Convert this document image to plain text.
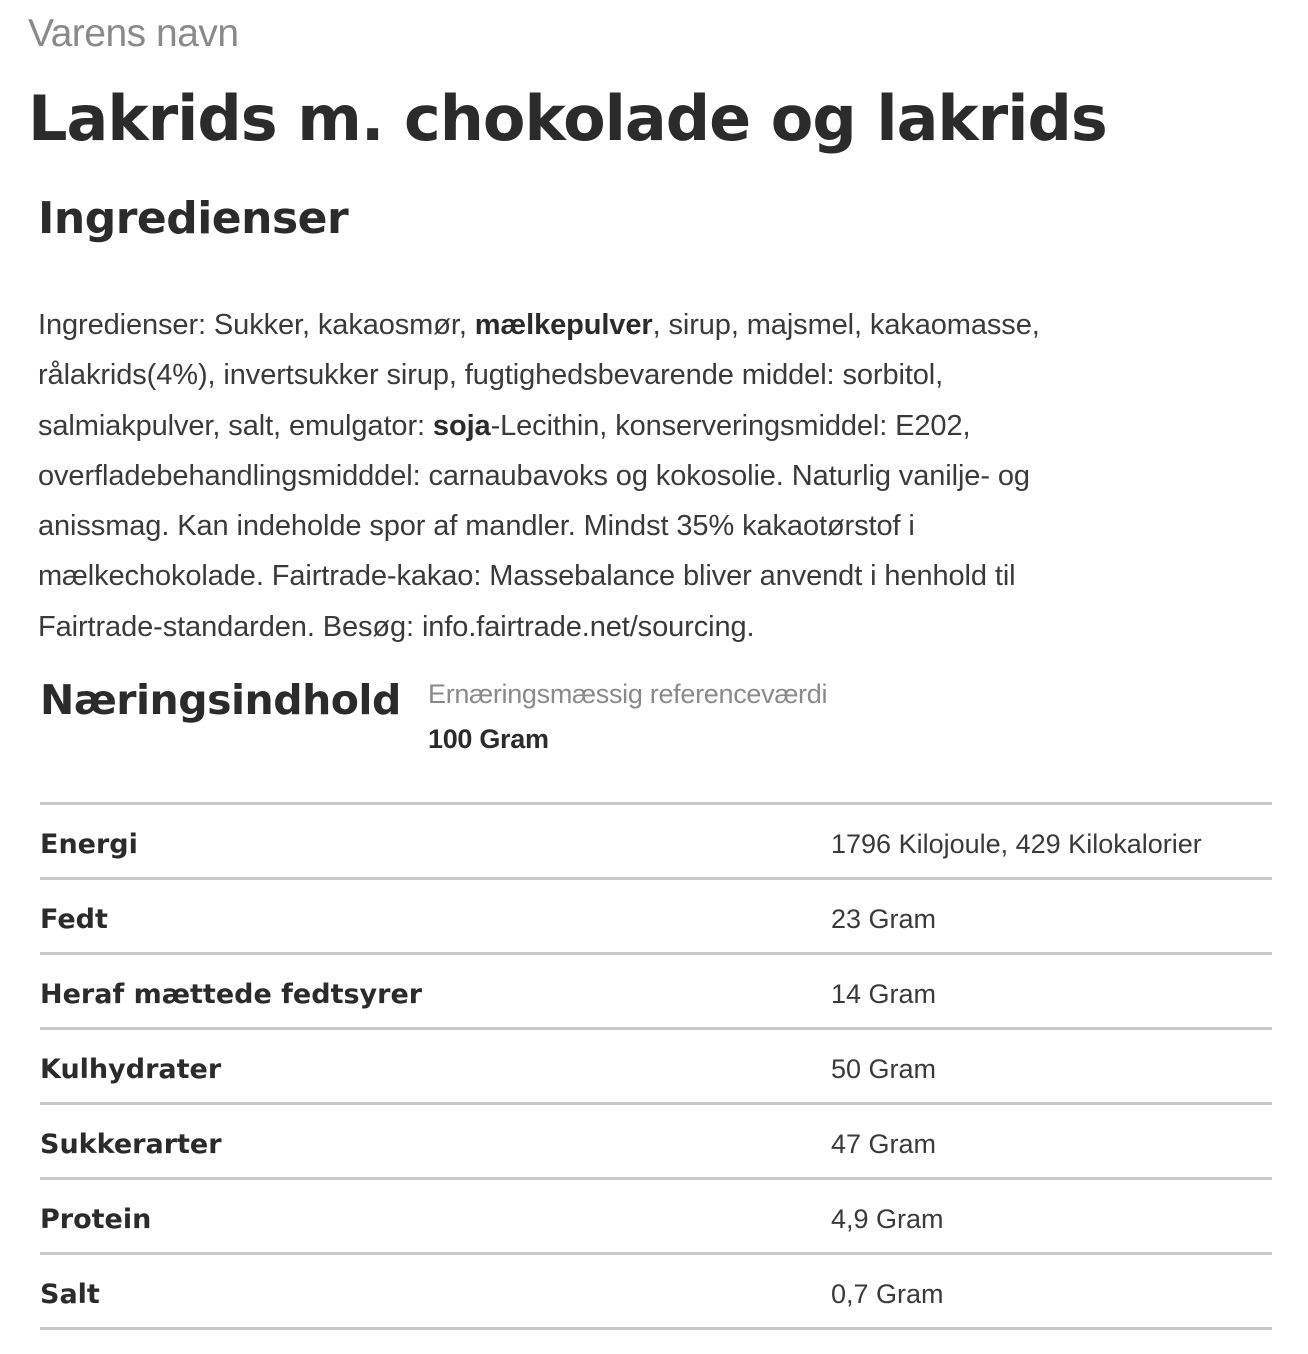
Varens navn
Lakrids m. chokolade og lakrids
Ingredienser
Ingredienser: Sukker, kakaosmør, mælkepulver, sirup, majsmel, kakaomasse,
rålakrids(4%), invertsukker sirup, fugtighedsbevarende middel: sorbitol,
salmiakpulver, salt, emulgator: soja-Lecithin, konserveringsmiddel: E202,
overfladebehandlingsmidddel: carnaubavoks og kokosolie. Naturlig vanilje- og
anissmag. Kan indeholde spor af mandler. Mindst 35% kakaotørstof i
mælkechokolade. Fairtrade-kakao: Massebalance bliver anvendt i henhold til
Fairtrade-standarden. Besøg: info.fairtrade.net/sourcing.
Næringsindhold Ernæringsmæssig referenceværdi
100 Gram
Energi	1796 Kilojoule, 429 Kilokalorier
Fedt	23 Gram
Heraf mættede fedtsyrer	14 Gram
Kulhydrater	50 Gram
Sukkerarter	47 Gram
Protein	4,9 Gram
Salt	0,7 Gram
